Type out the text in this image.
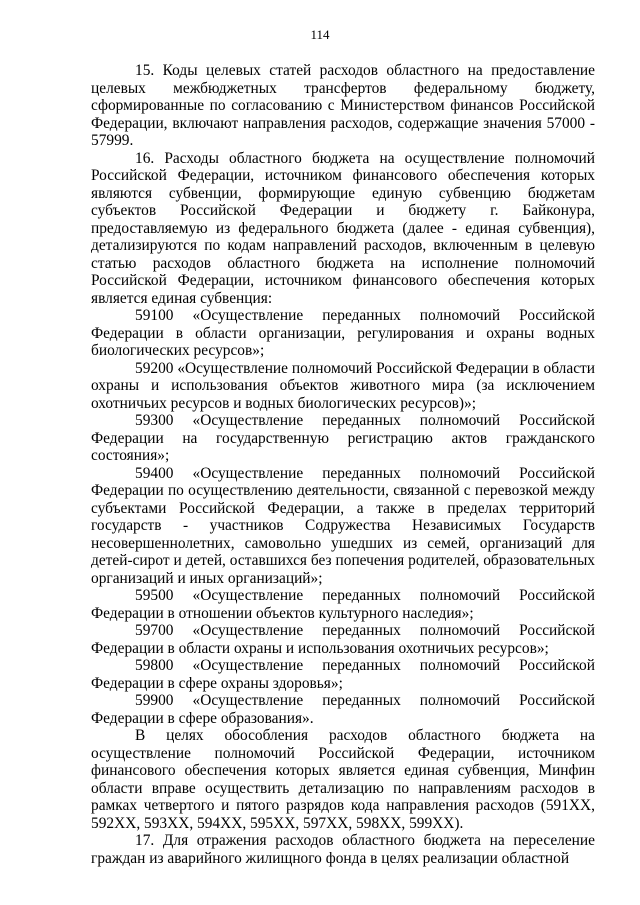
114

15. Коды целевых статей расходов областного на предоставление целевых межбюджетных трансфертов федеральному бюджету, сформированные по согласованию с Министерством финансов Российской Федерации, включают направления расходов, содержащие значения 57000 - 57999.

16. Расходы областного бюджета на осуществление полномочий Российской Федерации, источником финансового обеспечения которых являются субвенции, формирующие единую субвенцию бюджетам субъектов Российской Федерации и бюджету г. Байконура, предоставляемую из федерального бюджета (далее - единая субвенция), детализируются по кодам направлений расходов, включенным в целевую статью расходов областного бюджета на исполнение полномочий Российской Федерации, источником финансового обеспечения которых является единая субвенция:

59100 «Осуществление переданных полномочий Российской Федерации в области организации, регулирования и охраны водных биологических ресурсов»;

59200 «Осуществление полномочий Российской Федерации в области охраны и использования объектов животного мира (за исключением охотничьих ресурсов и водных биологических ресурсов)»;

59300 «Осуществление переданных полномочий Российской Федерации на государственную регистрацию актов гражданского состояния»;

59400 «Осуществление переданных полномочий Российской Федерации по осуществлению деятельности, связанной с перевозкой между субъектами Российской Федерации, а также в пределах территорий государств - участников Содружества Независимых Государств несовершеннолетних, самовольно ушедших из семей, организаций для детей-сирот и детей, оставшихся без попечения родителей, образовательных организаций и иных организаций»;

59500 «Осуществление переданных полномочий Российской Федерации в отношении объектов культурного наследия»;

59700 «Осуществление переданных полномочий Российской Федерации в области охраны и использования охотничьих ресурсов»;

59800 «Осуществление переданных полномочий Российской Федерации в сфере охраны здоровья»;

59900 «Осуществление переданных полномочий Российской Федерации в сфере образования».

В целях обособления расходов областного бюджета на осуществление полномочий Российской Федерации, источником финансового обеспечения которых является единая субвенция, Минфин области вправе осуществить детализацию по направлениям расходов в рамках четвертого и пятого разрядов кода направления расходов (591ХХ, 592ХХ, 593ХХ, 594ХХ, 595ХХ, 597ХХ, 598ХХ, 599ХХ).

17. Для отражения расходов областного бюджета на переселение граждан из аварийного жилищного фонда в целях реализации областной
